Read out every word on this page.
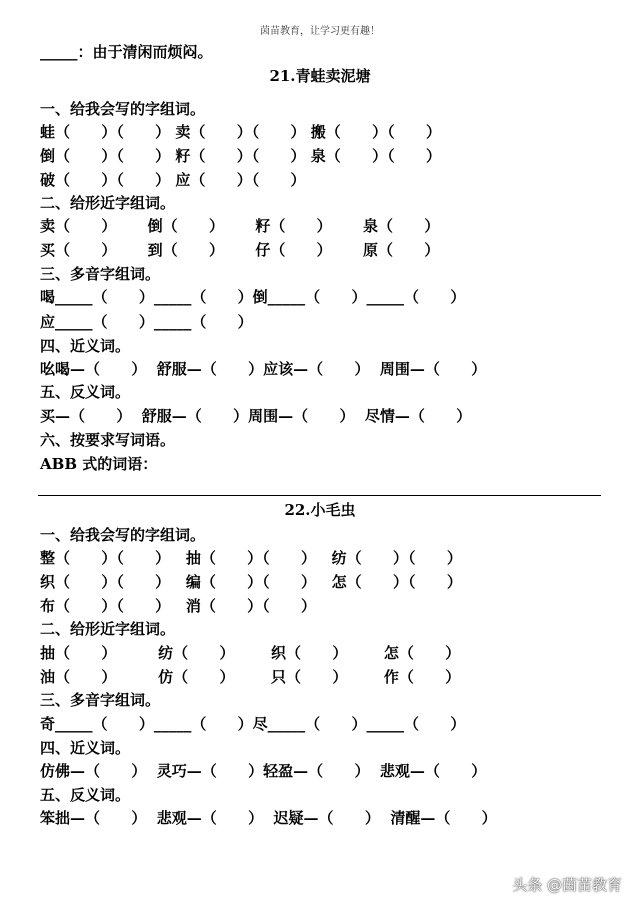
茵苗教育，让学习更有趣！
_____：由于清闲而烦闷。
21.青蛙卖泥塘
一、给我会写的字组词。
蛙（      ）（      ） 卖（      ）（      ） 搬（      ）（      ）
倒（      ）（      ） 籽（      ）（      ） 泉（      ）（      ）
破（      ）（      ） 应（      ）（      ）
二、给形近字组词。
卖（      ）      倒（      ）      籽（      ）      泉（      ）
买（      ）      到（      ）      仔（      ）      原（      ）
三、多音字组词。
喝_____（      ）_____（      ）倒_____（      ）_____（      ）
应_____（      ）_____（      ）
四、近义词。
吆喝—（      ）  舒服—（      ）应该—（      ）  周围—（      ）
五、反义词。
买—（      ）  舒服—（      ）周围—（      ）  尽情—（      ）
六、按要求写词语。
ABB 式的词语：
22.小毛虫
一、给我会写的字组词。
整（      ）（      ）   抽（      ）（      ）   纺（      ）（      ）
织（      ）（      ）   编（      ）（      ）   怎（      ）（      ）
布（      ）（      ）   消（      ）（      ）
二、给形近字组词。
抽（      ）        纺（      ）       织（      ）       怎（      ）
油（      ）        仿（      ）       只（      ）       作（      ）
三、多音字组词。
奇_____（      ）_____（      ）尽_____（      ）_____（      ）
四、近义词。
仿佛—（      ）  灵巧—（      ）轻盈—（      ）  悲观—（      ）
五、反义词。
笨拙—（      ）  悲观—（      ）  迟疑—（      ）  清醒—（      ）
头条 @茵苗教育
